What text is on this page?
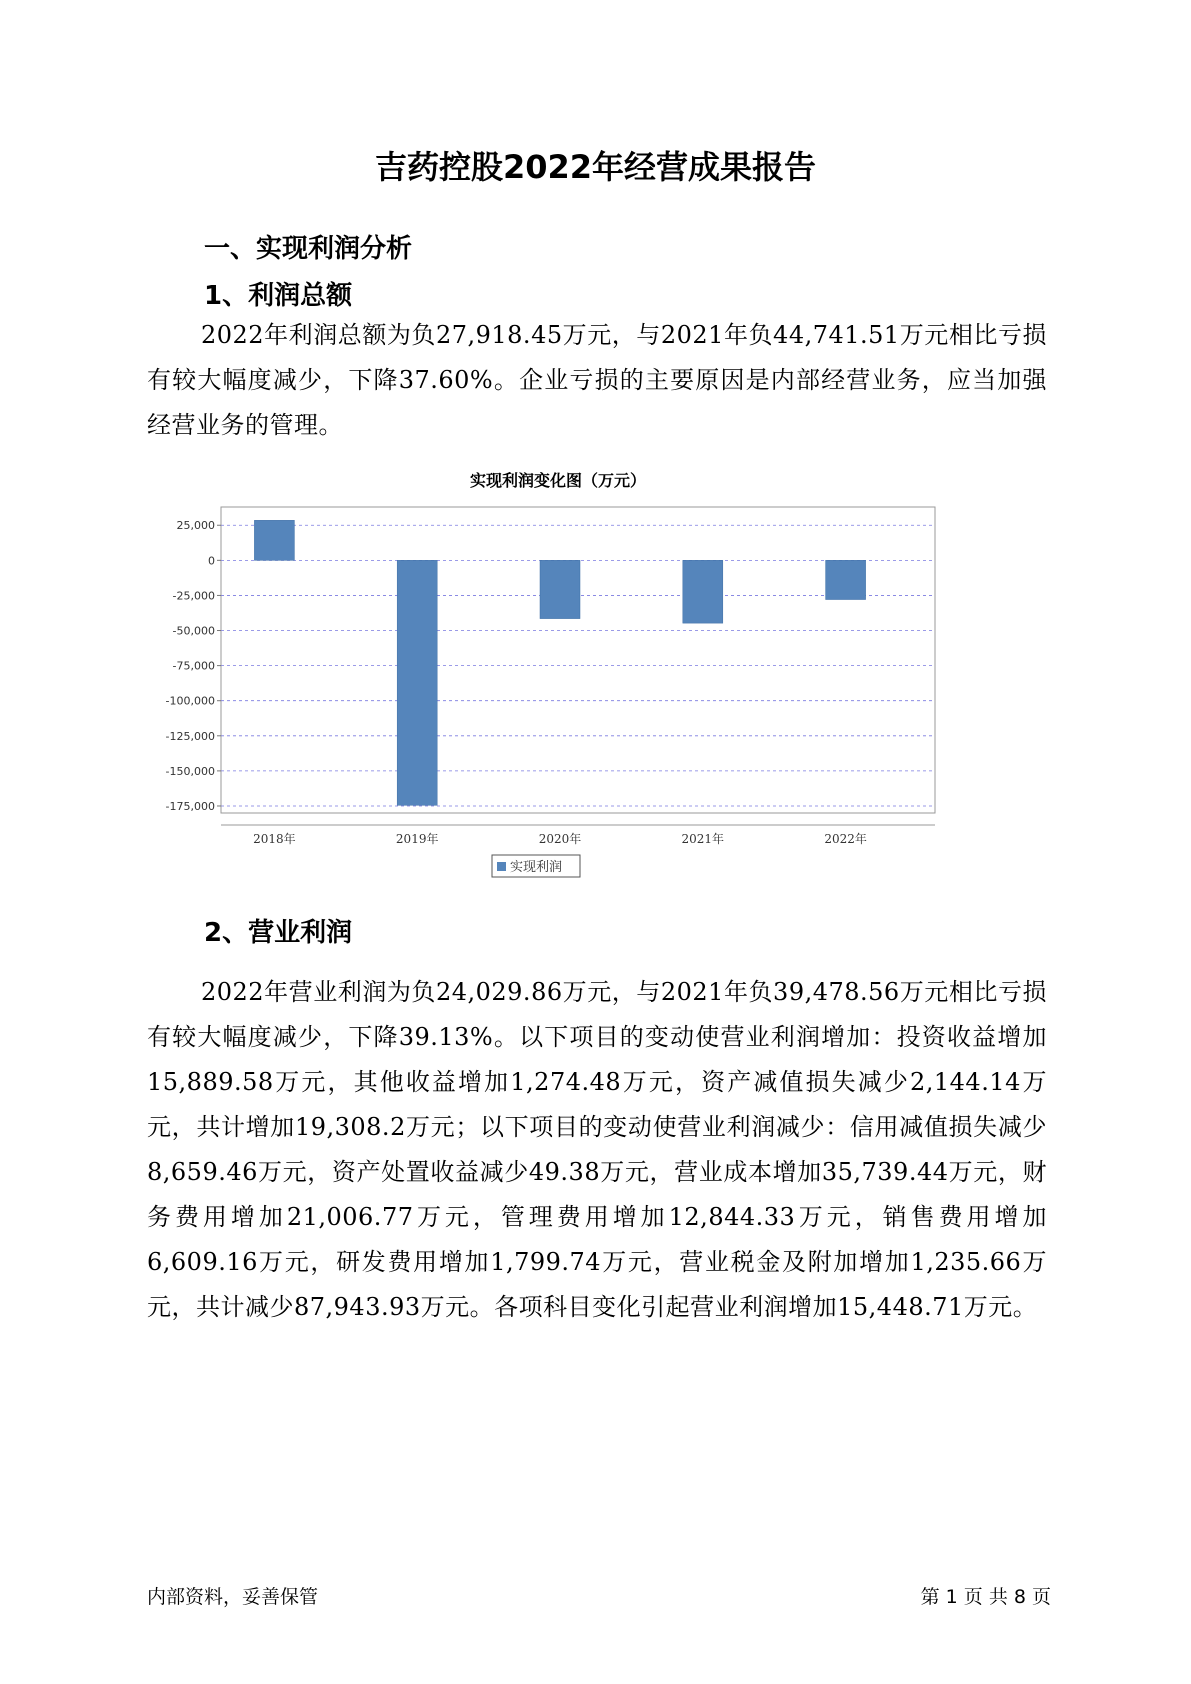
吉药控股2022年经营成果报告
一、实现利润分析
1、利润总额
2022年利润总额为负27,918.45万元，与2021年负44,741.51万元相比亏损有较大幅度减少，下降37.60%。企业亏损的主要原因是内部经营业务，应当加强经营业务的管理。
实现利润变化图（万元）
25,000
0
-25,000
-50,000
-75,000
-100,000
-125,000
-150,000
-175,000
2018年	2019年	2020年	2021年	2022年
实现利润
2、营业利润
2022年营业利润为负24,029.86万元，与2021年负39,478.56万元相比亏损有较大幅度减少，下降39.13%。以下项目的变动使营业利润增加：投资收益增加15,889.58万元，其他收益增加1,274.48万元，资产减值损失减少2,144.14万元，共计增加19,308.2万元；以下项目的变动使营业利润减少：信用减值损失减少8,659.46万元，资产处置收益减少49.38万元，营业成本增加35,739.44万元，财务费用增加21,006.77万元，管理费用增加12,844.33万元，销售费用增加6,609.16万元，研发费用增加1,799.74万元，营业税金及附加增加1,235.66万元，共计减少87,943.93万元。各项科目变化引起营业利润增加15,448.71万元。
内部资料，妥善保管	第 1 页 共 8 页
